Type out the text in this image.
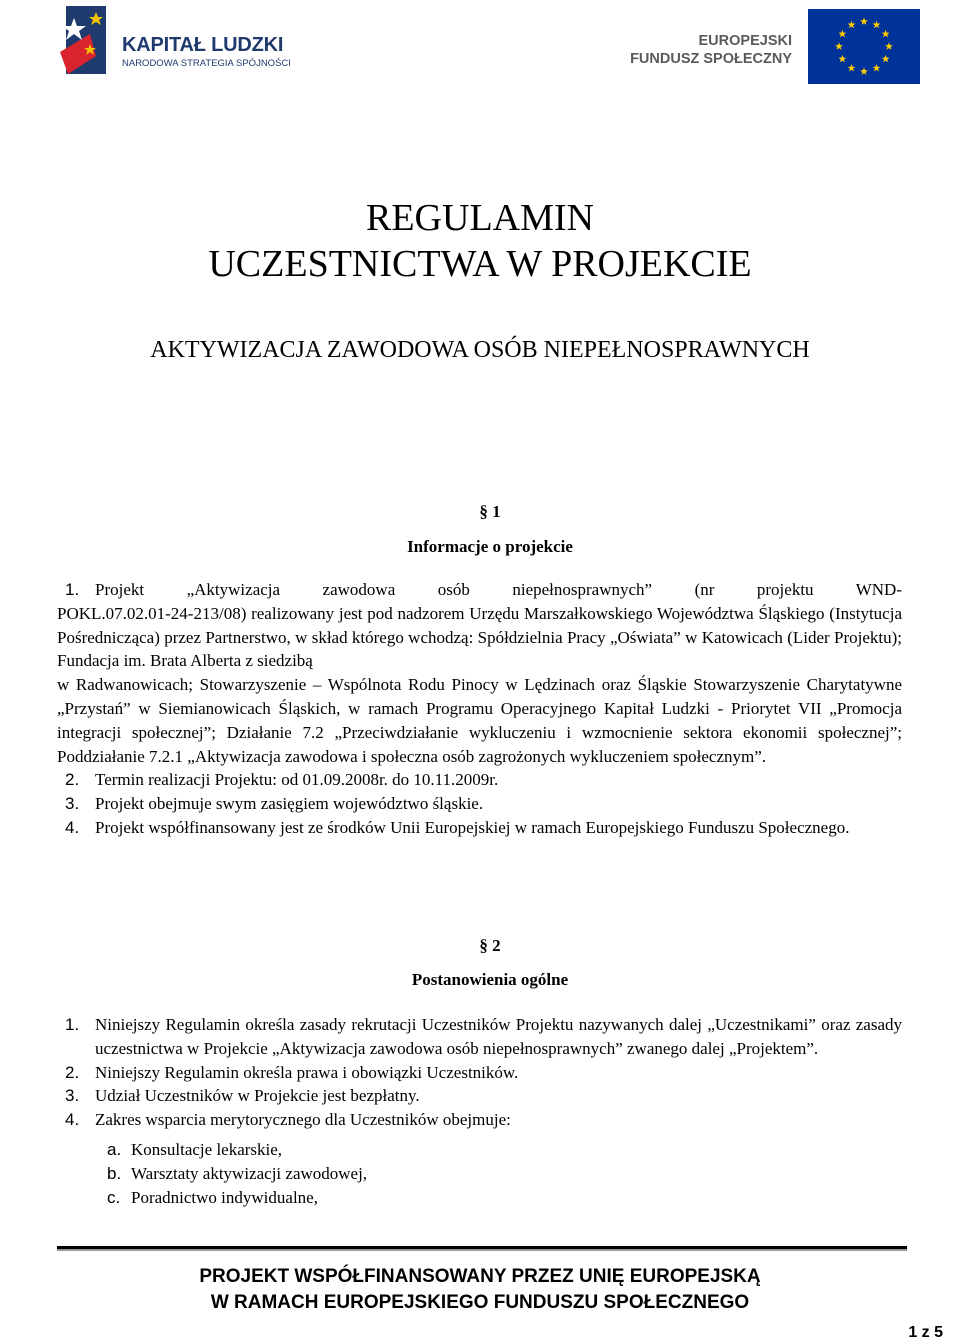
KAPITAŁ LUDZKI
NARODOWA STRATEGIA SPÓJNOŚCI
EUROPEJSKI
FUNDUSZ SPOŁECZNY
REGULAMIN
UCZESTNICTWA W PROJEKCIE
AKTYWIZACJA ZAWODOWA OSÓB NIEPEŁNOSPRAWNYCH
§ 1
Informacje o projekcie
1. Projekt „Aktywizacja zawodowa osób niepełnosprawnych” (nr projektu WND-
POKL.07.02.01-24-213/08) realizowany jest pod nadzorem Urzędu Marszałkowskiego Województwa Śląskiego (Instytucja Pośrednicząca) przez Partnerstwo, w skład którego wchodzą: Spółdzielnia Pracy „Oświata” w Katowicach (Lider Projektu); Fundacja im. Brata Alberta z siedzibą
w Radwanowicach; Stowarzyszenie – Wspólnota Rodu Pinocy w Lędzinach oraz Śląskie Stowarzyszenie Charytatywne „Przystań” w Siemianowicach Śląskich, w ramach Programu Operacyjnego Kapitał Ludzki - Priorytet VII „Promocja integracji społecznej”; Działanie 7.2 „Przeciwdziałanie wykluczeniu i wzmocnienie sektora ekonomii społecznej”; Poddziałanie 7.2.1 „Aktywizacja zawodowa i społeczna osób zagrożonych wykluczeniem społecznym”.
2. Termin realizacji Projektu: od 01.09.2008r. do 10.11.2009r.
3. Projekt obejmuje swym zasięgiem województwo śląskie.
4. Projekt współfinansowany jest ze środków Unii Europejskiej w ramach Europejskiego Funduszu Społecznego.
§ 2
Postanowienia ogólne
1. Niniejszy Regulamin określa zasady rekrutacji Uczestników Projektu nazywanych dalej „Uczestnikami” oraz zasady uczestnictwa w Projekcie „Aktywizacja zawodowa osób niepełnosprawnych” zwanego dalej „Projektem”.
2. Niniejszy Regulamin określa prawa i obowiązki Uczestników.
3. Udział Uczestników w Projekcie jest bezpłatny.
4. Zakres wsparcia merytorycznego dla Uczestników obejmuje:
a. Konsultacje lekarskie,
b. Warsztaty aktywizacji zawodowej,
c. Poradnictwo indywidualne,
PROJEKT WSPÓŁFINANSOWANY PRZEZ UNIĘ EUROPEJSKĄ
W RAMACH EUROPEJSKIEGO FUNDUSZU SPOŁECZNEGO
1 z 5
